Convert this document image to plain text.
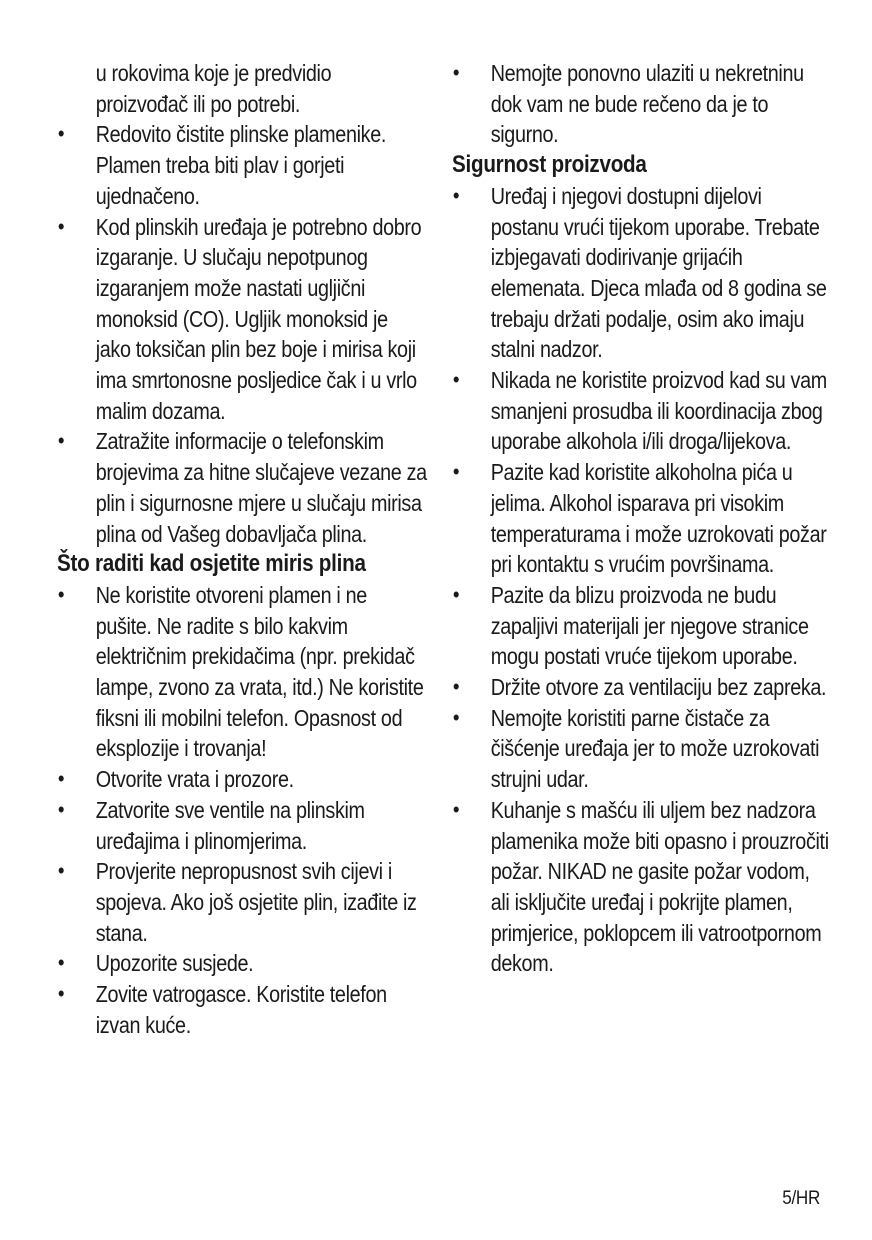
u rokovima koje je predvidio proizvođač ili po potrebi.

• Redovito čistite plinske plamenike. Plamen treba biti plav i gorjeti ujednačeno.

• Kod plinskih uređaja je potrebno dobro izgaranje. U slučaju nepotpunog izgaranjem može nastati ugljični monoksid (CO). Ugljik monoksid je jako toksičan plin bez boje i mirisa koji ima smrtonosne posljedice čak i u vrlo malim dozama.

• Zatražite informacije o telefonskim brojevima za hitne slučajeve vezane za plin i sigurnosne mjere u slučaju mirisa plina od Vašeg dobavljača plina.

Što raditi kad osjetite miris plina

• Ne koristite otvoreni plamen i ne pušite. Ne radite s bilo kakvim električnim prekidačima (npr. prekidač lampe, zvono za vrata, itd.) Ne koristite fiksni ili mobilni telefon. Opasnost od eksplozije i trovanja!

• Otvorite vrata i prozore.

• Zatvorite sve ventile na plinskim uređajima i plinomjerima.

• Provjerite nepropusnost svih cijevi i spojeva. Ako još osjetite plin, izađite iz stana.

• Upozorite susjede.

• Zovite vatrogasce. Koristite telefon izvan kuće.

• Nemojte ponovno ulaziti u nekretninu dok vam ne bude rečeno da je to sigurno.

Sigurnost proizvoda

• Uređaj i njegovi dostupni dijelovi postanu vrući tijekom uporabe. Trebate izbjegavati dodirivanje grijaćih elemenata. Djeca mlađa od 8 godina se trebaju držati podalje, osim ako imaju stalni nadzor.

• Nikada ne koristite proizvod kad su vam smanjeni prosudba ili koordinacija zbog uporabe alkohola i/ili droga/lijekova.

• Pazite kad koristite alkoholna pića u jelima. Alkohol isparava pri visokim temperaturama i može uzrokovati požar pri kontaktu s vrućim površinama.

• Pazite da blizu proizvoda ne budu zapaljivi materijali jer njegove stranice mogu postati vruće tijekom uporabe.

• Držite otvore za ventilaciju bez zapreka.

• Nemojte koristiti parne čistače za čišćenje uređaja jer to može uzrokovati strujni udar.

• Kuhanje s mašću ili uljem bez nadzora plamenika može biti opasno i prouzročiti požar. NIKAD ne gasite požar vodom, ali isključite uređaj i pokrijte plamen, primjerice, poklopcem ili vatrootpornom dekom.

5/HR
